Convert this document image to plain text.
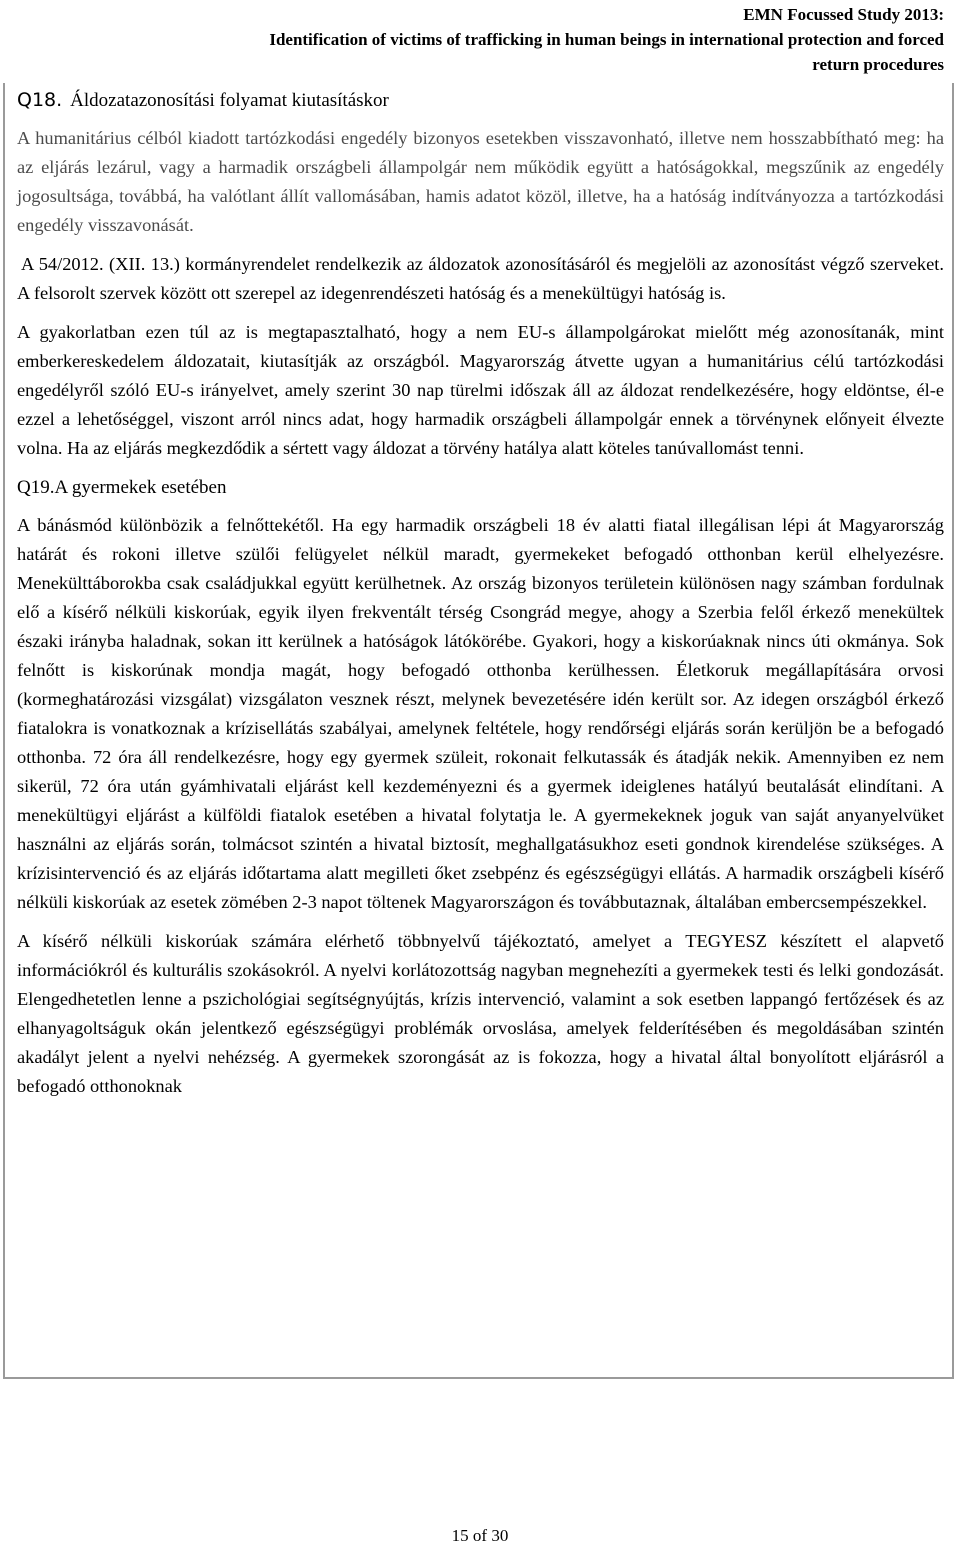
EMN Focussed Study 2013:
Identification of victims of trafficking in human beings in international protection and forced
return procedures
Q18. Áldozatazonosítási folyamat kiutasításkor

A humanitárius célból kiadott tartózkodási engedély bizonyos esetekben visszavonható, illetve nem hosszabbítható meg: ha az eljárás lezárul, vagy a harmadik országbeli állampolgár nem működik együtt a hatóságokkal, megszűnik az engedély jogosultsága, továbbá, ha valótlant állít vallomásában, hamis adatot közöl, illetve, ha a hatóság indítványozza a tartózkodási engedély visszavonását.

A 54/2012. (XII. 13.) kormányrendelet rendelkezik az áldozatok azonosításáról és megjelöli az azonosítást végző szerveket. A felsorolt szervek között ott szerepel az idegenrendészeti hatóság és a menekültügyi hatóság is.

A gyakorlatban ezen túl az is megtapasztalható, hogy a nem EU-s állampolgárokat mielőtt még azonosítanák, mint emberkereskedelem áldozatait, kiutasítják az országból. Magyarország átvette ugyan a humanitárius célú tartózkodási engedélyről szóló EU-s irányelvet, amely szerint 30 nap türelmi időszak áll az áldozat rendelkezésére, hogy eldöntse, él-e ezzel a lehetőséggel, viszont arról nincs adat, hogy harmadik országbeli állampolgár ennek a törvénynek előnyeit élvezte volna. Ha az eljárás megkezdődik a sértett vagy áldozat a törvény hatálya alatt köteles tanúvallomást tenni.

Q19.A gyermekek esetében

A bánásmód különbözik a felnőttekétől. Ha egy harmadik országbeli 18 év alatti fiatal illegálisan lépi át Magyarország határát és rokoni illetve szülői felügyelet nélkül maradt, gyermekeket befogadó otthonban kerül elhelyezésre. Menekülttáborokba csak családjukkal együtt kerülhetnek. Az ország bizonyos területein különösen nagy számban fordulnak elő a kísérő nélküli kiskorúak, egyik ilyen frekventált térség Csongrád megye, ahogy a Szerbia felől érkező menekültek északi irányba haladnak, sokan itt kerülnek a hatóságok látókörébe. Gyakori, hogy a kiskorúaknak nincs úti okmánya. Sok felnőtt is kiskorúnak mondja magát, hogy befogadó otthonba kerülhessen. Életkoruk megállapítására orvosi (kormeghatározási vizsgálat) vizsgálaton vesznek részt, melynek bevezetésére idén került sor. Az idegen országból érkező fiatalokra is vonatkoznak a krízisellátás szabályai, amelynek feltétele, hogy rendőrségi eljárás során kerüljön be a befogadó otthonba. 72 óra áll rendelkezésre, hogy egy gyermek szüleit, rokonait felkutassák és átadják nekik. Amennyiben ez nem sikerül, 72 óra után gyámhivatali eljárást kell kezdeményezni és a gyermek ideiglenes hatályú beutalását elindítani. A menekültügyi eljárást a külföldi fiatalok esetében a hivatal folytatja le. A gyermekeknek joguk van saját anyanyelvüket használni az eljárás során, tolmácsot szintén a hivatal biztosít, meghallgatásukhoz eseti gondnok kirendelése szükséges. A krízisintervenció és az eljárás időtartama alatt megilleti őket zsebpénz és egészségügyi ellátás. A harmadik országbeli kísérő nélküli kiskorúak az esetek zömében 2-3 napot töltenek Magyarországon és továbbutaznak, általában embercsempészekkel.

A kísérő nélküli kiskorúak számára elérhető többnyelvű tájékoztató, amelyet a TEGYESZ készített el alapvető információkról és kulturális szokásokról. A nyelvi korlátozottság nagyban megnehezíti a gyermekek testi és lelki gondozását. Elengedhetetlen lenne a pszichológiai segítségnyújtás, krízis intervenció, valamint a sok esetben lappangó fertőzések és az elhanyagoltságuk okán jelentkező egészségügyi problémák orvoslása, amelyek felderítésében és megoldásában szintén akadályt jelent a nyelvi nehézség. A gyermekek szorongását az is fokozza, hogy a hivatal által bonyolított eljárásról a befogadó otthonoknak

15 of 30
